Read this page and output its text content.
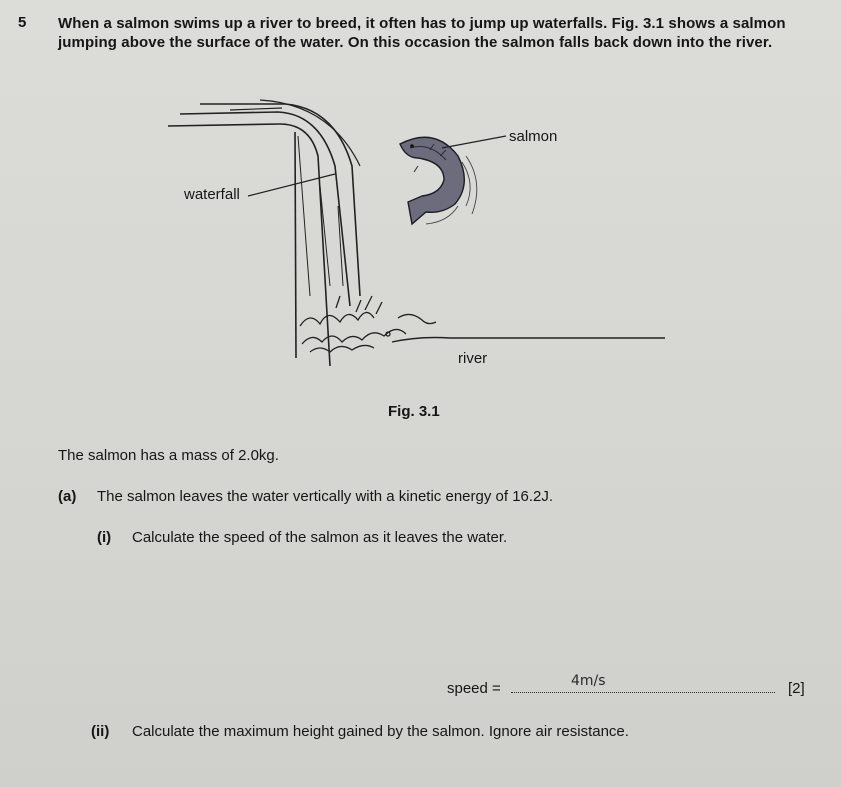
5 When a salmon swims up a river to breed, it often has to jump up waterfalls. Fig. 3.1 shows a salmon jumping above the surface of the water. On this occasion the salmon falls back down into the river.
salmon
waterfall
river
Fig. 3.1
The salmon has a mass of 2.0kg.
(a) The salmon leaves the water vertically with a kinetic energy of 16.2J.
(i) Calculate the speed of the salmon as it leaves the water.
speed =	4m/s	[2]
(ii) Calculate the maximum height gained by the salmon. Ignore air resistance.
